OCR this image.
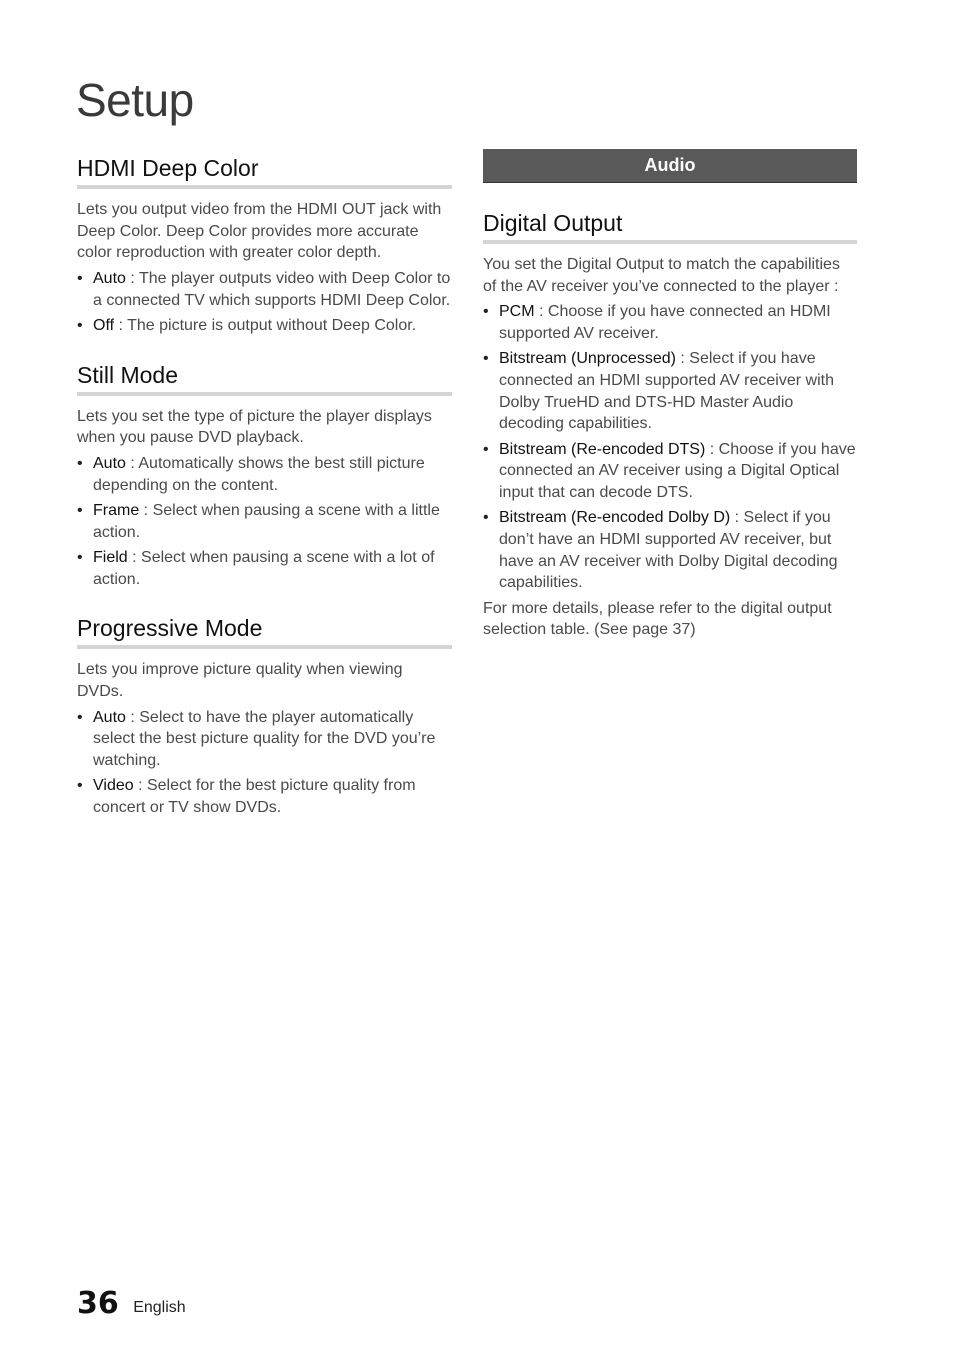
Setup
HDMI Deep Color

Lets you output video from the HDMI OUT jack with Deep Color. Deep Color provides more accurate color reproduction with greater color depth.

• Auto : The player outputs video with Deep Color to a connected TV which supports HDMI Deep Color.
• Off : The picture is output without Deep Color.
Still Mode

Lets you set the type of picture the player displays when you pause DVD playback.

• Auto : Automatically shows the best still picture depending on the content.
• Frame : Select when pausing a scene with a little action.
• Field : Select when pausing a scene with a lot of action.
Progressive Mode

Lets you improve picture quality when viewing DVDs.

• Auto : Select to have the player automatically select the best picture quality for the DVD you’re watching.
• Video : Select for the best picture quality from concert or TV show DVDs.
Audio
Digital Output

You set the Digital Output to match the capabilities of the AV receiver you’ve connected to the player :

• PCM : Choose if you have connected an HDMI supported AV receiver.
• Bitstream (Unprocessed) : Select if you have connected an HDMI supported AV receiver with Dolby TrueHD and DTS-HD Master Audio decoding capabilities.
• Bitstream (Re-encoded DTS) : Choose if you have connected an AV receiver using a Digital Optical input that can decode DTS.
• Bitstream (Re-encoded Dolby D) : Select if you don’t have an HDMI supported AV receiver, but have an AV receiver with Dolby Digital decoding capabilities.

For more details, please refer to the digital output selection table. (See page 37)

36 English
